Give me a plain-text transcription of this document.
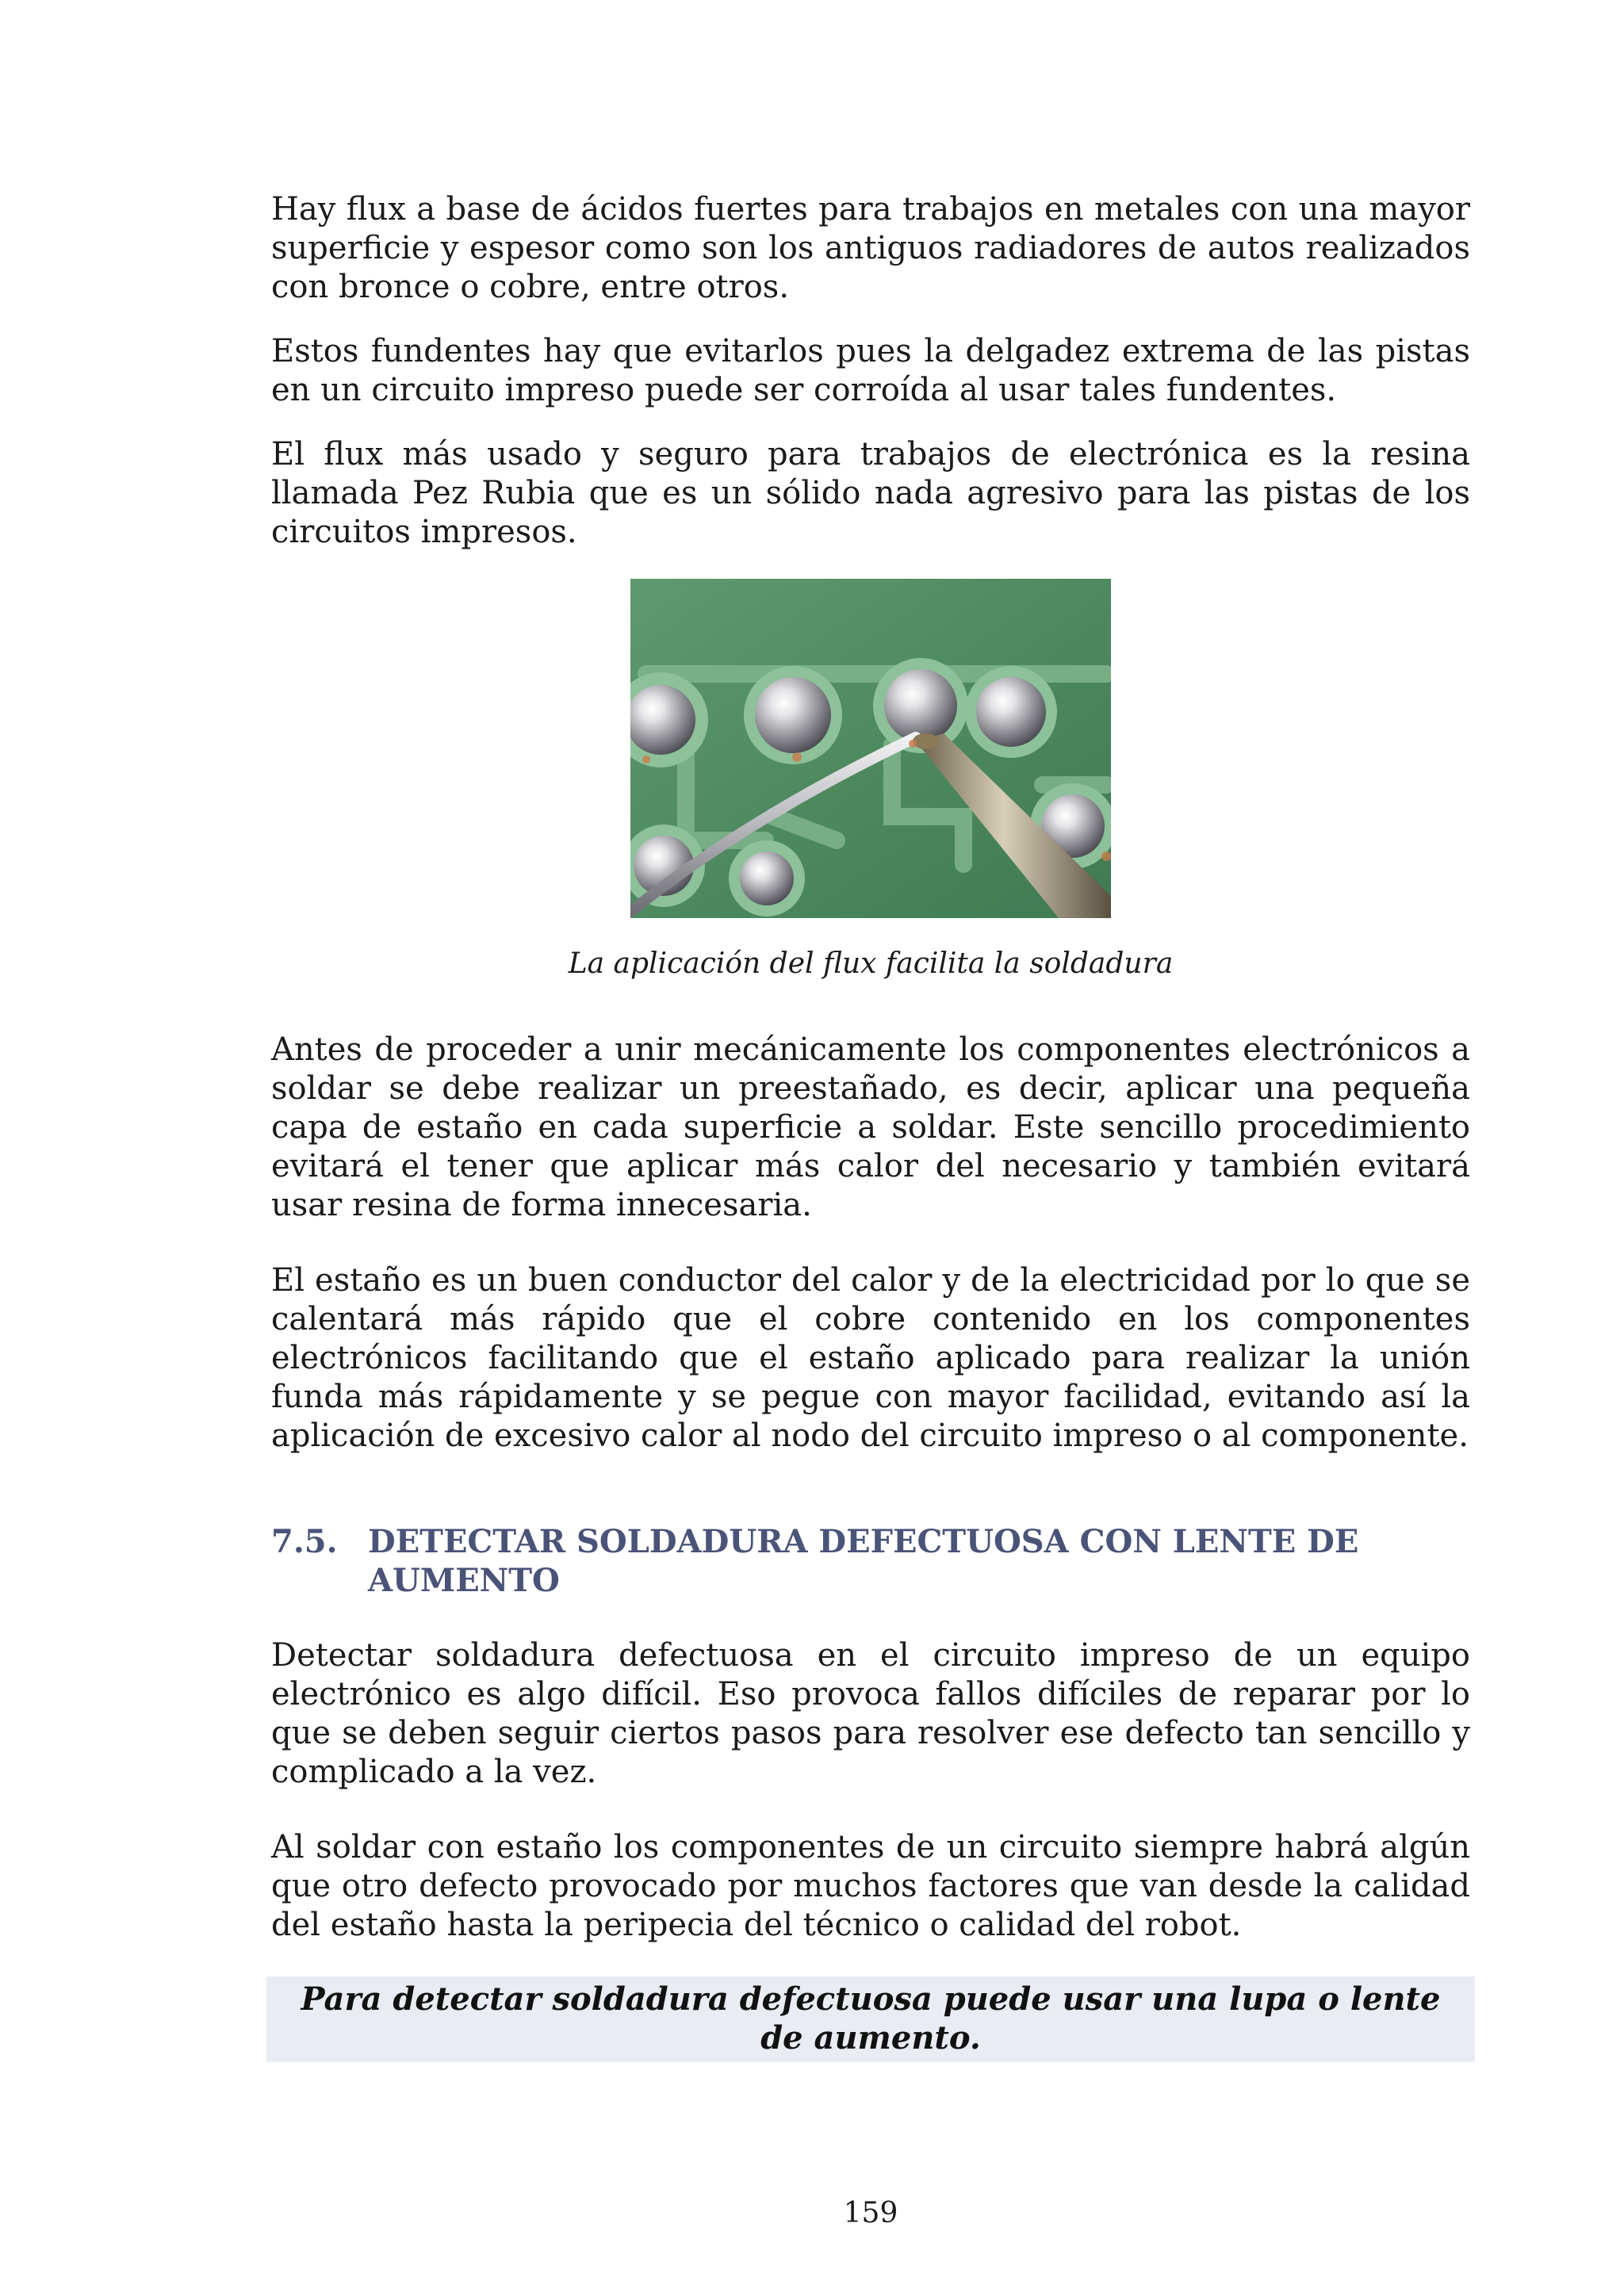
Hay flux a base de ácidos fuertes para trabajos en metales con una mayor superficie y espesor como son los antiguos radiadores de autos realizados con bronce o cobre, entre otros.

Estos fundentes hay que evitarlos pues la delgadez extrema de las pistas en un circuito impreso puede ser corroída al usar tales fundentes.

El flux más usado y seguro para trabajos de electrónica es la resina llamada Pez Rubia que es un sólido nada agresivo para las pistas de los circuitos impresos.

La aplicación del flux facilita la soldadura

Antes de proceder a unir mecánicamente los componentes electrónicos a soldar se debe realizar un preestañado, es decir, aplicar una pequeña capa de estaño en cada superficie a soldar. Este sencillo procedimiento evitará el tener que aplicar más calor del necesario y también evitará usar resina de forma innecesaria.

El estaño es un buen conductor del calor y de la electricidad por lo que se calentará más rápido que el cobre contenido en los componentes electrónicos facilitando que el estaño aplicado para realizar la unión funda más rápidamente y se pegue con mayor facilidad, evitando así la aplicación de excesivo calor al nodo del circuito impreso o al componente.

7.5. DETECTAR SOLDADURA DEFECTUOSA CON LENTE DE AUMENTO

Detectar soldadura defectuosa en el circuito impreso de un equipo electrónico es algo difícil. Eso provoca fallos difíciles de reparar por lo que se deben seguir ciertos pasos para resolver ese defecto tan sencillo y complicado a la vez.

Al soldar con estaño los componentes de un circuito siempre habrá algún que otro defecto provocado por muchos factores que van desde la calidad del estaño hasta la peripecia del técnico o calidad del robot.

Para detectar soldadura defectuosa puede usar una lupa o lente de aumento.
159
